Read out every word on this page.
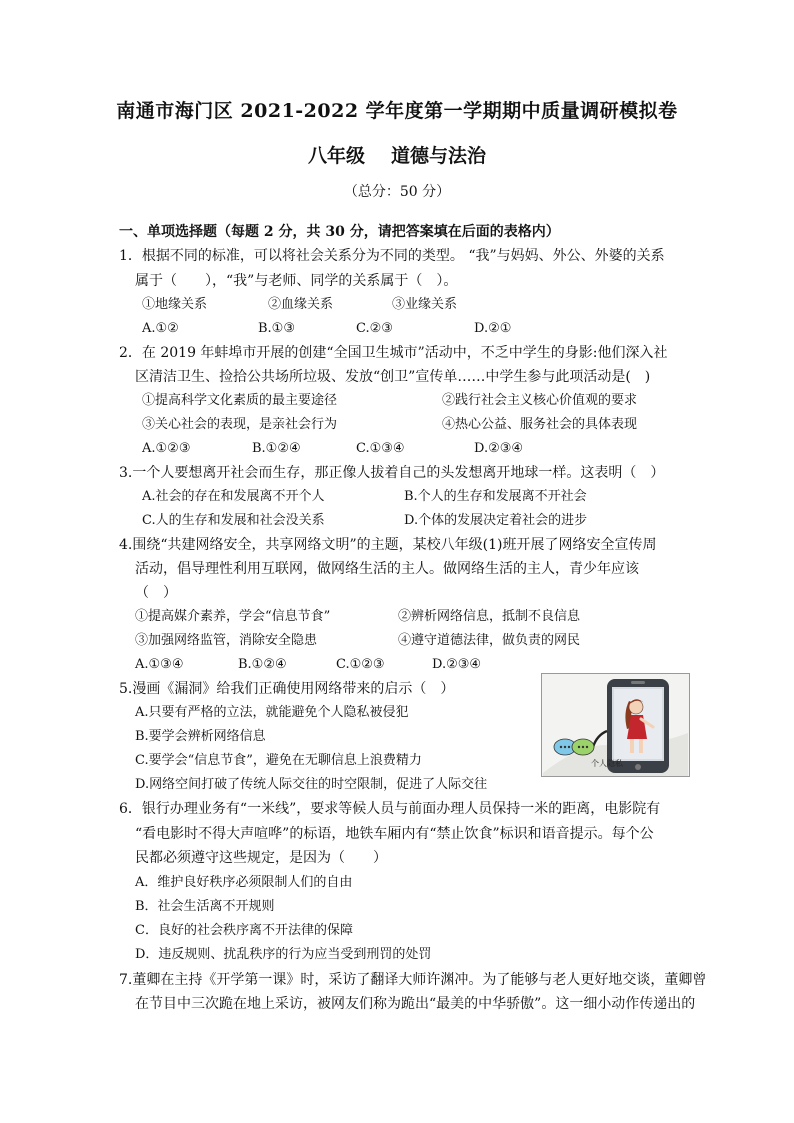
南通市海门区 2021-2022 学年度第一学期期中质量调研模拟卷
八年级 道德与法治
（总分：50 分）
一、单项选择题（每题 2 分，共 30 分，请把答案填在后面的表格内）
1．根据不同的标准，可以将社会关系分为不同的类型。 “我”与妈妈、外公、外婆的关系
属于（　　），“我”与老师、同学的关系属于（　）。
①地缘关系	②血缘关系	③业缘关系
A.①②	B.①③	C.②③	D.②①
2．在 2019 年蚌埠市开展的创建“全国卫生城市”活动中，不乏中学生的身影:他们深入社
区清洁卫生、捡拾公共场所垃圾、发放“创卫”宣传单……中学生参与此项活动是(　)
①提高科学文化素质的最主要途径	②践行社会主义核心价值观的要求
③关心社会的表现，是亲社会行为	④热心公益、服务社会的具体表现
A.①②③	B.①②④	C.①③④	D.②③④
3.一个人要想离开社会而生存，那正像人拔着自己的头发想离开地球一样。这表明（　）
A.社会的存在和发展离不开个人	B.个人的生存和发展离不开社会
C.人的生存和发展和社会没关系	D.个体的发展决定着社会的进步
4.围绕“共建网络安全，共享网络文明”的主题，某校八年级(1)班开展了网络安全宣传周
活动，倡导理性利用互联网，做网络生活的主人。做网络生活的主人，青少年应该
（　）
①提高媒介素养，学会“信息节食”	②辨析网络信息，抵制不良信息
③加强网络监管，消除安全隐患	④遵守道德法律，做负责的网民
A.①③④	B.①②④	C.①②③	D.②③④
5.漫画《漏洞》给我们正确使用网络带来的启示（　）
A.只要有严格的立法，就能避免个人隐私被侵犯
B.要学会辨析网络信息
C.要学会“信息节食”，避免在无聊信息上浪费精力
D.网络空间打破了传统人际交往的时空限制，促进了人际交往
个人隐私
6．银行办理业务有“一米线”，要求等候人员与前面办理人员保持一米的距离，电影院有
“看电影时不得大声喧哗”的标语，地铁车厢内有“禁止饮食”标识和语音提示。每个公
民都必须遵守这些规定，是因为（　　）
A．维护良好秩序必须限制人们的自由
B．社会生活离不开规则
C．良好的社会秩序离不开法律的保障
D．违反规则、扰乱秩序的行为应当受到刑罚的处罚
7.董卿在主持《开学第一课》时，采访了翻译大师许渊冲。为了能够与老人更好地交谈，董卿曾
在节目中三次跪在地上采访，被网友们称为跪出“最美的中华骄傲”。这一细小动作传递出的
